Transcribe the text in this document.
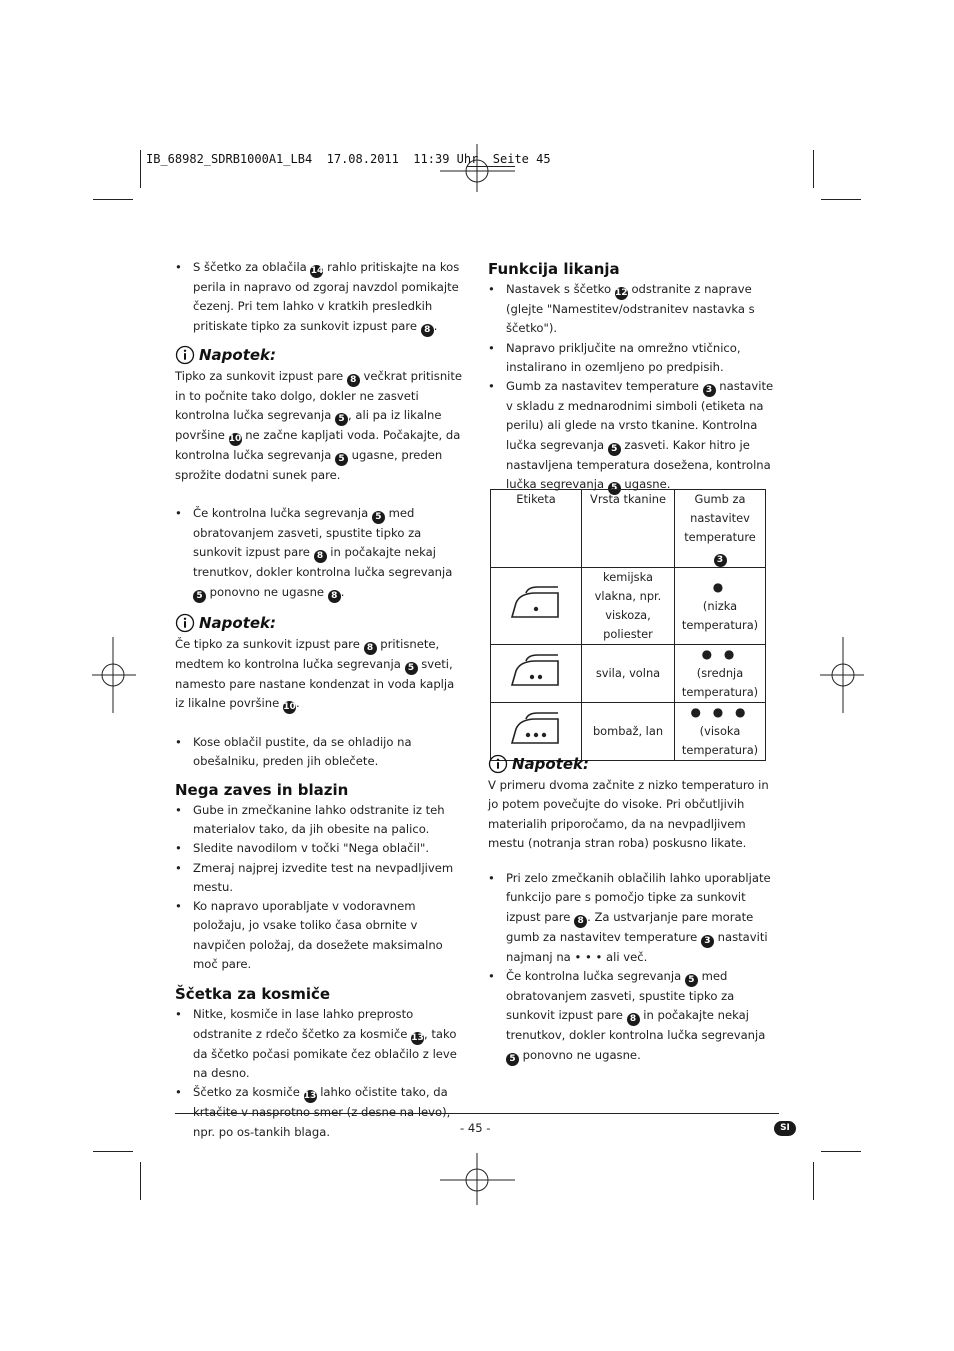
IB_68982_SDRB1000A1_LB4  17.08.2011  11:39 Uhr  Seite 45
• S ščetko za oblačila 14 rahlo pritiskajte na kos perila in napravo od zgoraj navzdol pomikajte čezenj. Pri tem lahko v kratkih presledkih pritiskate tipko za sunkovit izpust pare 8 .
Napotek:

Tipko za sunkovit izpust pare 8 večkrat pritisnite in to počnite tako dolgo, dokler ne zasveti kontrolna lučka segrevanja 5 , ali pa iz likalne površine 10 ne začne kapljati voda. Počakajte, da kontrolna lučka segrevanja 5 ugasne, preden sprožite dodatni sunek pare.

• Če kontrolna lučka segrevanja 5 med obratovanjem zasveti, spustite tipko za sunkovit izpust pare 8 in počakajte nekaj trenutkov, dokler kontrolna lučka segrevanja 5 ponovno ne ugasne 8 .
Napotek:

Če tipko za sunkovit izpust pare 8 pritisnete, medtem ko kontrolna lučka segrevanja 5 sveti, namesto pare nastane kondenzat in voda kaplja iz likalne površine 10.

• Kose oblačil pustite, da se ohladijo na obešalniku, preden jih oblečete.

Nega zaves in blazin

• Gube in zmečkanine lahko odstranite iz teh materialov tako, da jih obesite na palico.
• Sledite navodilom v točki "Nega oblačil".
• Zmeraj najprej izvedite test na nevpadljivem mestu.
• Ko napravo uporabljate v vodoravnem položaju, jo vsake toliko časa obrnite v navpičen položaj, da dosežete maksimalno moč pare.

Ščetka za kosmiče

• Nitke, kosmiče in lase lahko preprosto odstranite z rdečo ščetko za kosmiče 13, tako da ščetko počasi pomikate čez oblačilo z leve na desno.
• Ščetko za kosmiče 13 lahko očistite tako, da npr. po os-tankih blaga.

Funkcija likanja

• Nastavek s ščetko 12 odstranite z naprave (glejte "Namestitev/odstranitev nastavka s ščetko").
• Napravo priključite na omrežno vtičnico, instalirano in ozemljeno po predpisih.
• Gumb za nastavitev temperature 3 nastavite v skladu z mednarodnimi simboli (etiketa na perilu) ali glede na vrsto tkanine. Kontrolna lučka segrevanja 5 zasveti. Kakor hitro je nastavljena temperatura dosežena, kontrolna lučka segrevanja 5 ugasne.
Etiketa	Vrsta tkanine	Gumb za nastavitev temperature 3
	kemijska vlakna, npr. viskoza, poliester	●
(nizka temperatura)

	svila, volna	● ●
(srednja temperatura)

	bombaž, lan	● ● ●
(visoka temperatura)
Napotek:

V primeru dvoma začnite z nizko temperaturo in jo potem povečujte do visoke. Pri občutljivih materialih priporočamo, da na nevpadljivem mestu (notranja stran roba) poskusno likate.

• Pri zelo zmečkanih oblačilih lahko uporabljate funkcijo pare s pomočjo tipke za sunkovit izpust pare 8 . Za ustvarjanje pare morate gumb za nastavitev temperature 3 nastaviti najmanj na • • • ali več.
• Če kontrolna lučka segrevanja 5 med obratovanjem zasveti, spustite tipko za sunkovit izpust pare 8 in počakajte nekaj trenutkov, dokler kontrolna lučka segrevanja 5 ponovno ne ugasne.
- 45 -	SI
